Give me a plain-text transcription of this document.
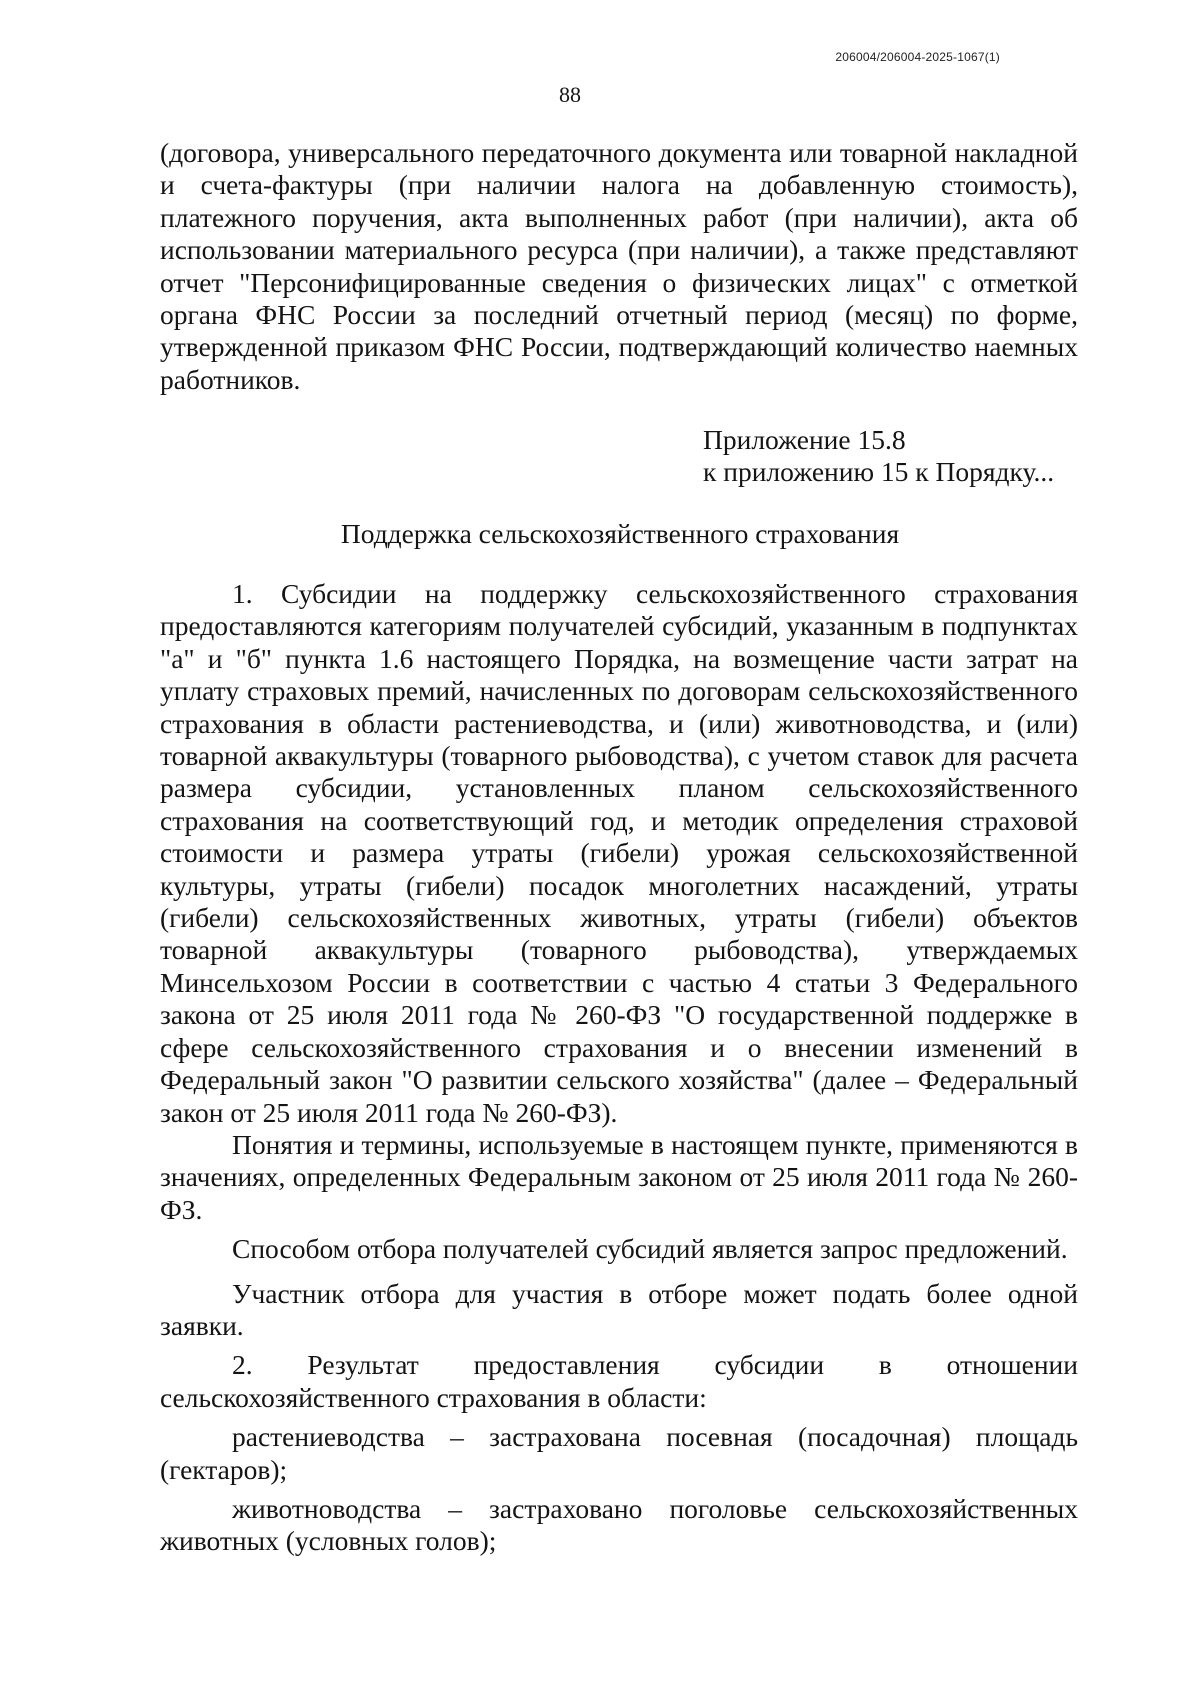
206004/206004-2025-1067(1)
88

(договора, универсального передаточного документа или товарной накладной и счета-фактуры (при наличии налога на добавленную стоимость), платежного поручения, акта выполненных работ (при наличии), акта об использовании материального ресурса (при наличии), а также представляют отчет "Персонифицированные сведения о физических лицах" с отметкой органа ФНС России за последний отчетный период (месяц) по форме, утвержденной приказом ФНС России, подтверждающий количество наемных работников.

Приложение 15.8
к приложению 15 к Порядку...
Поддержка сельскохозяйственного страхования

1. Субсидии на поддержку сельскохозяйственного страхования предоставляются категориям получателей субсидий, указанным в подпунктах "а" и "б" пункта 1.6 настоящего Порядка, на возмещение части затрат на уплату страховых премий, начисленных по договорам сельскохозяйственного страхования в области растениеводства, и (или) животноводства, и (или) товарной аквакультуры (товарного рыбоводства), с учетом ставок для расчета размера субсидии, установленных планом сельскохозяйственного страхования на соответствующий год, и методик определения страховой стоимости и размера утраты (гибели) урожая сельскохозяйственной культуры, утраты (гибели) посадок многолетних насаждений, утраты (гибели) сельскохозяйственных животных, утраты (гибели) объектов товарной аквакультуры (товарного рыбоводства), утверждаемых Минсельхозом России в соответствии с частью 4 статьи 3 Федерального закона от 25 июля 2011 года № 260-ФЗ "О государственной поддержке в сфере сельскохозяйственного страхования и о внесении изменений в Федеральный закон "О развитии сельского хозяйства" (далее – Федеральный закон от 25 июля 2011 года № 260-ФЗ).

Понятия и термины, используемые в настоящем пункте, применяются в значениях, определенных Федеральным законом от 25 июля 2011 года № 260-ФЗ.

Способом отбора получателей субсидий является запрос предложений.

Участник отбора для участия в отборе может подать более одной заявки.

2. Результат предоставления субсидии в отношении сельскохозяйственного страхования в области:

растениеводства – застрахована посевная (посадочная) площадь (гектаров);

животноводства – застраховано поголовье сельскохозяйственных животных (условных голов);
